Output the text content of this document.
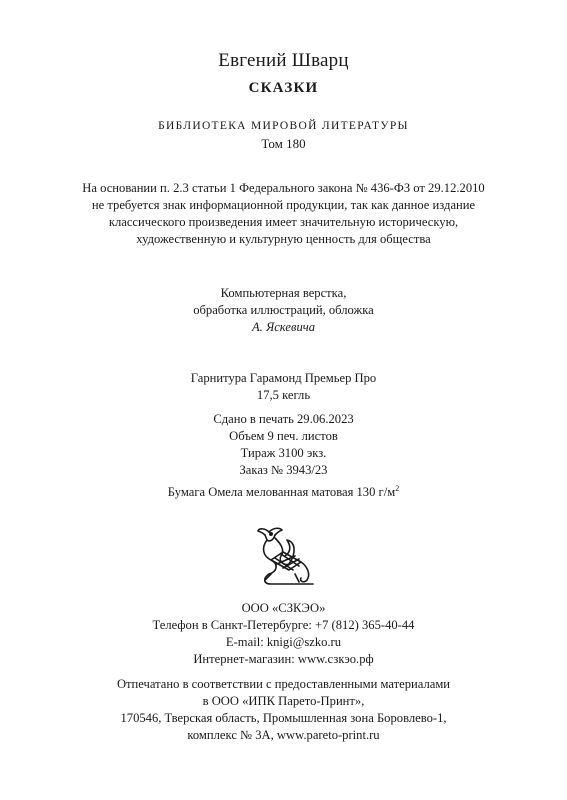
Евгений Шварц
СКАЗКИ
БИБЛИОТЕКА МИРОВОЙ ЛИТЕРАТУРЫ
Том 180
На основании п. 2.3 статьи 1 Федерального закона № 436-ФЗ от 29.12.2010
не требуется знак информационной продукции, так как данное издание
классического произведения имеет значительную историческую,
художественную и культурную ценность для общества
Компьютерная верстка,
обработка иллюстраций, обложка
А. Яскевича
Гарнитура Гарамонд Премьер Про
17,5 кегль
Сдано в печать 29.06.2023
Объем 9 печ. листов
Тираж 3100 экз.
Заказ № 3943/23
Бумага Омела мелованная матовая 130 $г/м^2$
ООО «СЗКЭО»
Телефон в Санкт-Петербурге: +7 (812) 365-40-44
E-mail: knigi@szko.ru
Интернет-магазин: www.сзкэо.рф
Отпечатано в соответствии с предоставленными материалами
в ООО «ИПК Парето-Принт»,
170546, Тверская область, Промышленная зона Боровлево-1,
комплекс № 3А, www.pareto-print.ru
